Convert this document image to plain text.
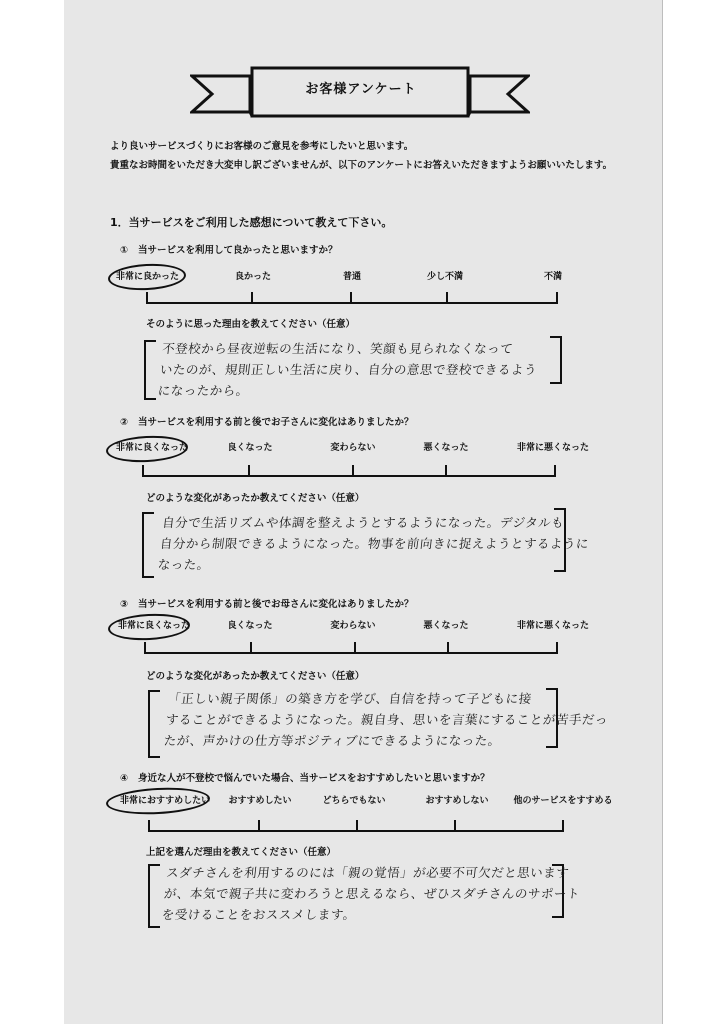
お客様アンケート
より良いサービスづくりにお客様のご意見を参考にしたいと思います。
貴重なお時間をいただき大変申し訳ございませんが、以下のアンケートにお答えいただきますようお願いいたします。
1．当サービスをご利用した感想について教えて下さい。
① 当サービスを利用して良かったと思いますか？
非常に良かった	良かった	普通	少し不満	不満
そのように思った理由を教えてください（任意）
不登校から昼夜逆転の生活になり、笑顔も見られなくなって
いたのが、規則正しい生活に戻り、自分の意思で登校できるよう
になったから。
② 当サービスを利用する前と後でお子さんに変化はありましたか？
非常に良くなった	良くなった	変わらない	悪くなった	非常に悪くなった
どのような変化があったか教えてください（任意）
自分で生活リズムや体調を整えようとするようになった。デジタルも
自分から制限できるようになった。物事を前向きに捉えようとするように
なった。
③ 当サービスを利用する前と後でお母さんに変化はありましたか？
非常に良くなった	良くなった	変わらない	悪くなった	非常に悪くなった
どのような変化があったか教えてください（任意）
「正しい親子関係」の築き方を学び、自信を持って子どもに接
することができるようになった。親自身、思いを言葉にすることが苦手だっ
たが、声かけの仕方等ポジティブにできるようになった。
④ 身近な人が不登校で悩んでいた場合、当サービスをおすすめしたいと思いますか？
非常におすすめしたい おすすめしたい	どちらでもない	おすすめしない	他のサービスをすすめる
上記を選んだ理由を教えてください（任意）
スダチさんを利用するのには「親の覚悟」が必要不可欠だと思います
が、本気で親子共に変わろうと思えるなら、ぜひスダチさんのサポート
を受けることをおススメします。
